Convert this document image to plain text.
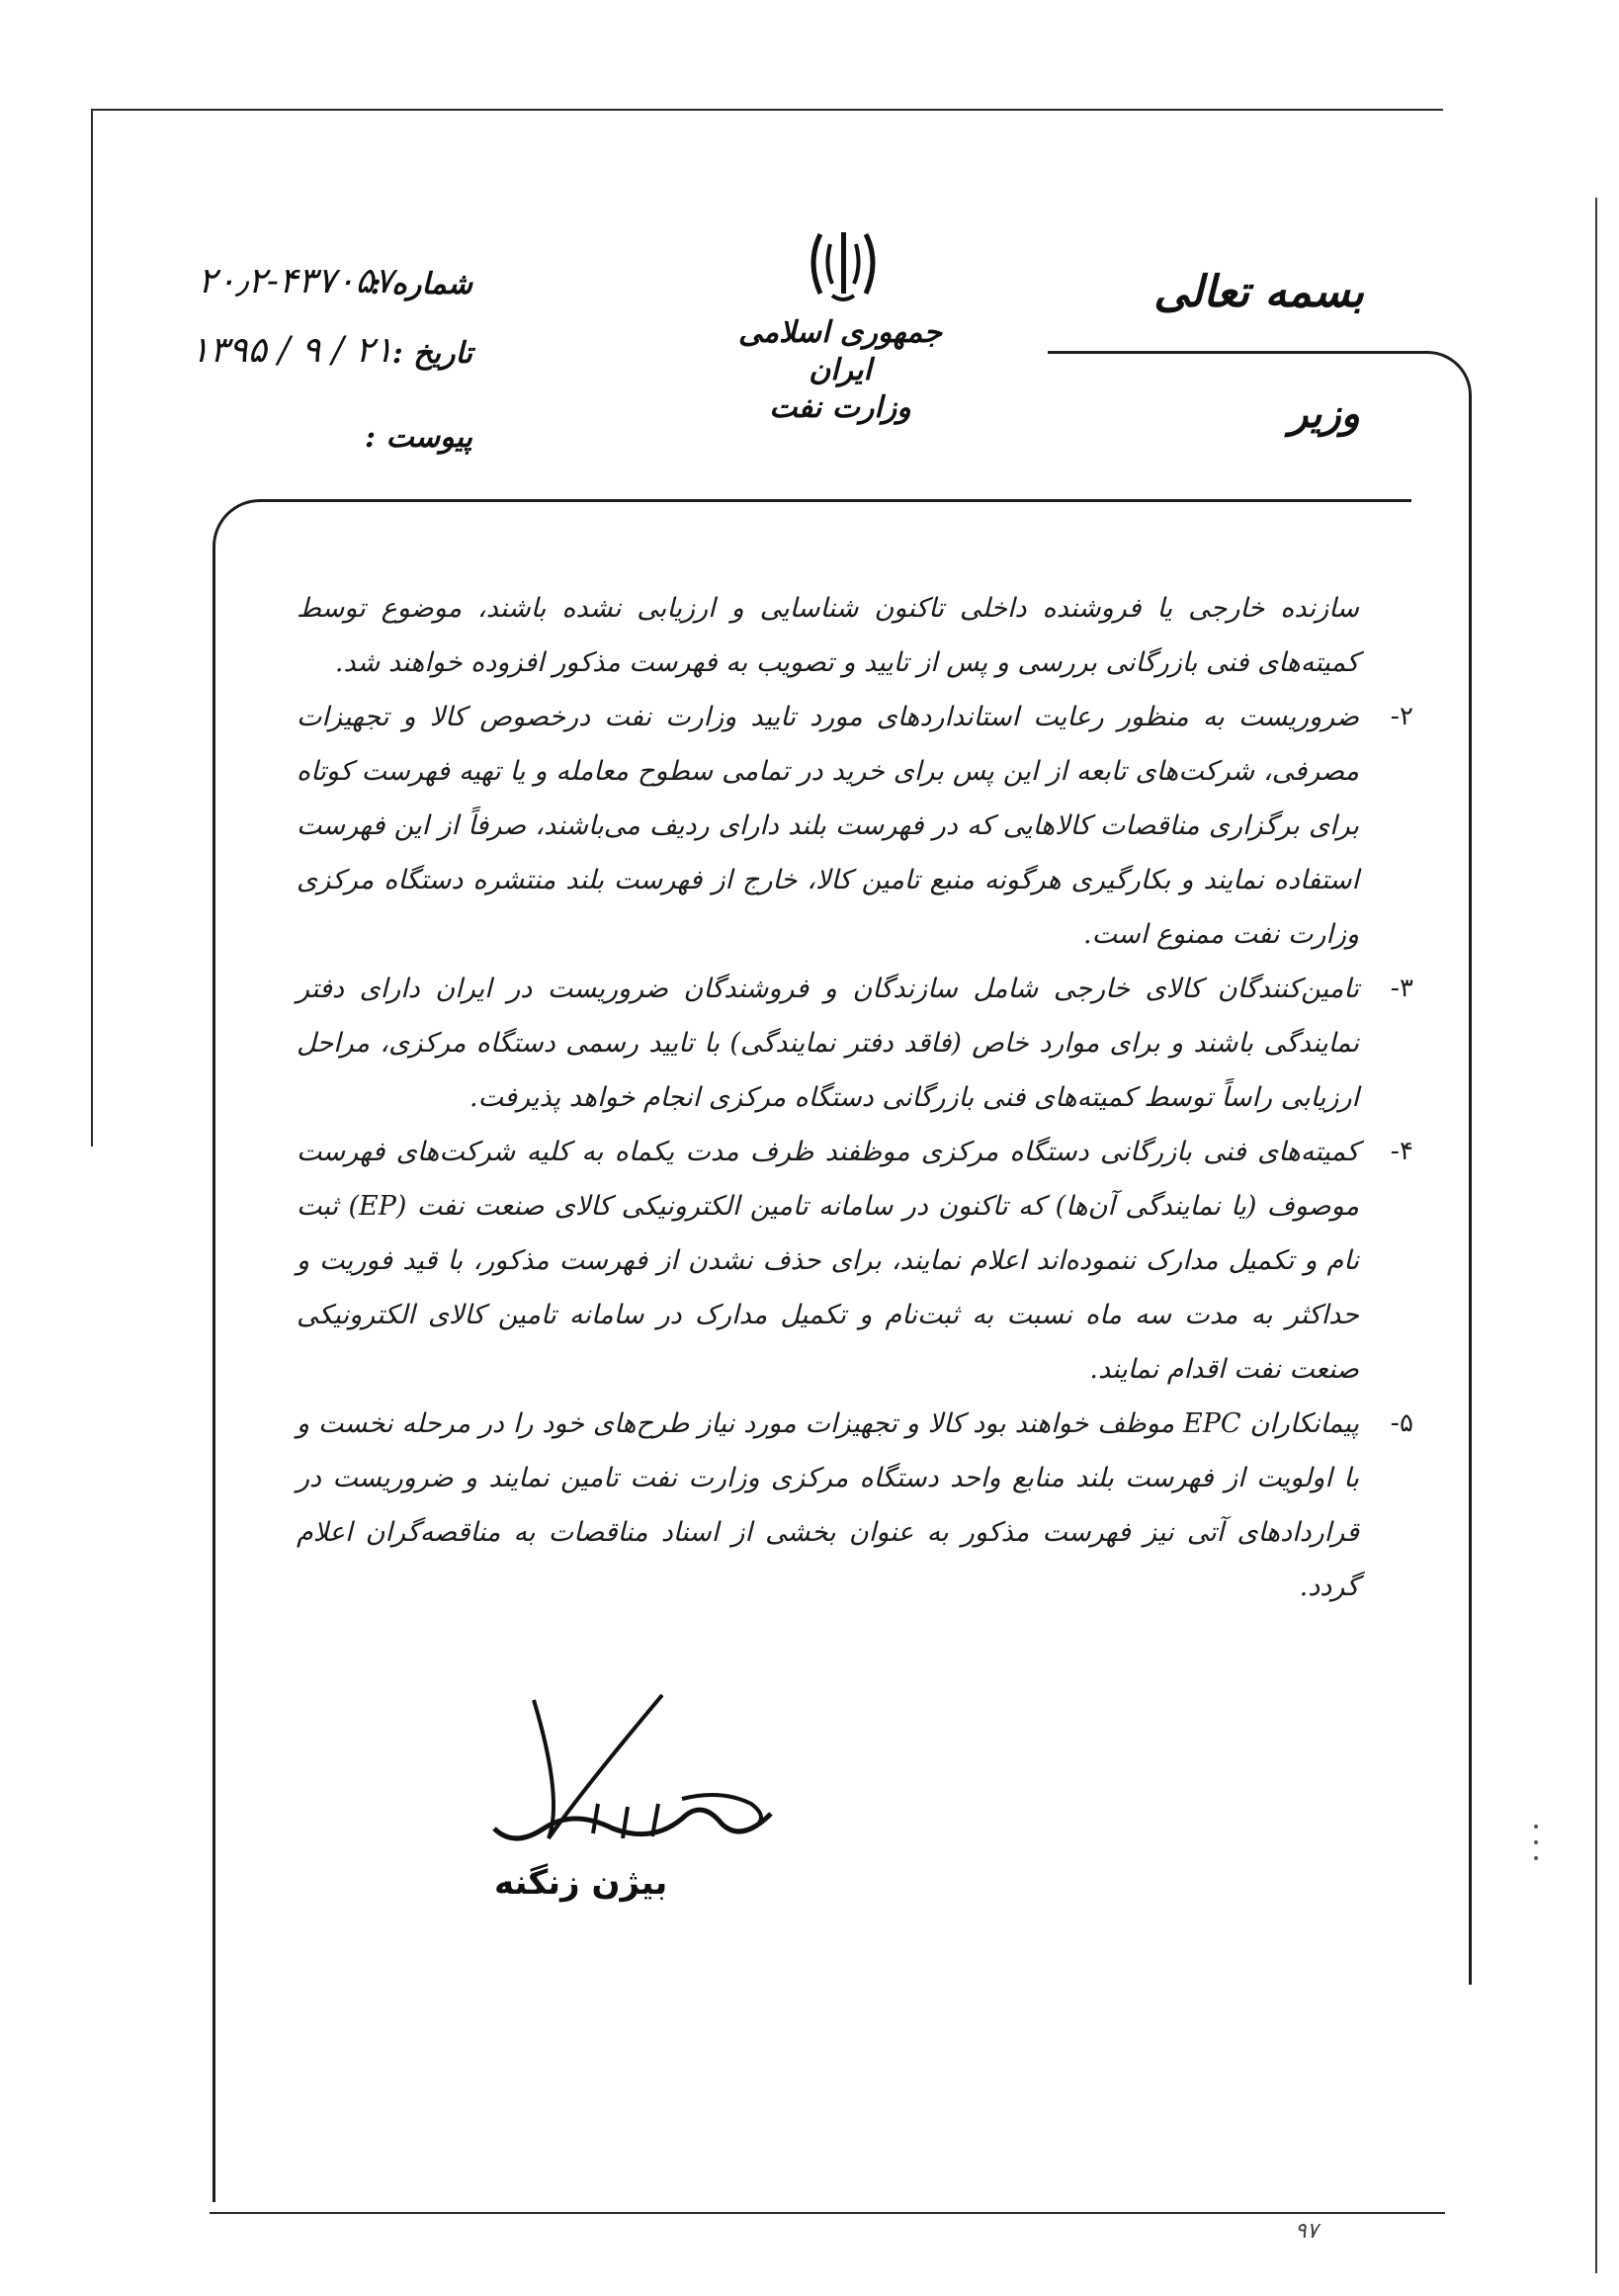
بسمه تعالی
وزیر
جمهوری اسلامی ایران
وزارت نفت
شماره :
۲۰٫۲-۴۳۷۰۵۷
تاریخ :
۱۳۹۵ / ۹ / ۲۱
پیوست :

سازنده خارجی یا فروشنده داخلی تاکنون شناسایی و ارزیابی نشده باشند، موضوع توسط کمیته‌های فنی بازرگانی بررسی و پس از تایید و تصویب به فهرست مذکور افزوده خواهند شد.

۲-
ضروریست به منظور رعایت استانداردهای مورد تایید وزارت نفت درخصوص کالا و تجهیزات مصرفی، شرکت‌های تابعه از این پس برای خرید در تمامی سطوح معامله و یا تهیه فهرست کوتاه برای برگزاری مناقصات کالاهایی که در فهرست بلند دارای ردیف می‌باشند، صرفاً از این فهرست استفاده نمایند و بکارگیری هرگونه منبع تامین کالا، خارج از فهرست بلند منتشره دستگاه مرکزی وزارت نفت ممنوع است.
۳-
تامین‌کنندگان کالای خارجی شامل سازندگان و فروشندگان ضروریست در ایران دارای دفتر نمایندگی باشند و برای موارد خاص (فاقد دفتر نمایندگی) با تایید رسمی دستگاه مرکزی، مراحل ارزیابی راساً توسط کمیته‌های فنی بازرگانی دستگاه مرکزی انجام خواهد پذیرفت.
۴-
کمیته‌های فنی بازرگانی دستگاه مرکزی موظفند ظرف مدت یکماه به کلیه شرکت‌های فهرست موصوف (یا نمایندگی آن‌ها) که تاکنون در سامانه تامین الکترونیکی کالای صنعت نفت (EP) ثبت نام و تکمیل مدارک ننموده‌اند اعلام نمایند، برای حذف نشدن از فهرست مذکور، با قید فوریت و حداکثر به مدت سه ماه نسبت به ثبت‌نام و تکمیل مدارک در سامانه تامین کالای الکترونیکی صنعت نفت اقدام نمایند.
۵-
پیمانکاران EPC موظف خواهند بود کالا و تجهیزات مورد نیاز طرح‌های خود را در مرحله نخست و با اولویت از فهرست بلند منابع واحد دستگاه مرکزی وزارت نفت تامین نمایند و ضروریست در قراردادهای آتی نیز فهرست مذکور به عنوان بخشی از اسناد مناقصات به مناقصه‌گران اعلام گردد.
بیژن زنگنه
۹۷
